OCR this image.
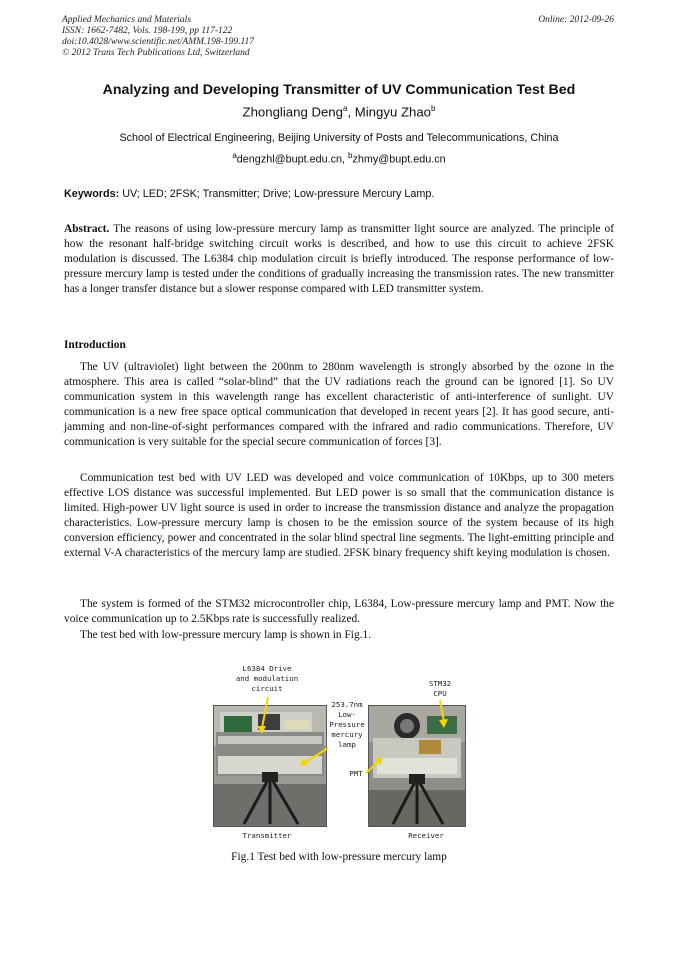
Applied Mechanics and Materials
ISSN: 1662-7482, Vols. 198-199, pp 117-122
doi:10.4028/www.scientific.net/AMM.198-199.117
© 2012 Trans Tech Publications Ltd, Switzerland
Online: 2012-09-26
Analyzing and Developing Transmitter of UV Communication Test Bed
Zhongliang Deng$^a$, Mingyu Zhao$^b$
School of Electrical Engineering, Beijing University of Posts and Telecommunications, China
$^a$dengzhl@bupt.edu.cn, $^b$zhmy@bupt.edu.cn
Keywords: UV; LED; 2FSK; Transmitter; Drive; Low-pressure Mercury Lamp.
Abstract. The reasons of using low-pressure mercury lamp as transmitter light source are analyzed. The principle of how the resonant half-bridge switching circuit works is described, and how to use this circuit to achieve 2FSK modulation is discussed. The L6384 chip modulation circuit is briefly introduced. The response performance of low-pressure mercury lamp is tested under the conditions of gradually increasing the transmission rates. The new transmitter has a longer transfer distance but a slower response compared with LED transmitter system.
Introduction
The UV (ultraviolet) light between the 200nm to 280nm wavelength is strongly absorbed by the ozone in the atmosphere. This area is called “solar-blind” that the UV radiations reach the ground can be ignored [1]. So UV communication system in this wavelength range has excellent characteristic of anti-interference of sunlight. UV communication is a new free space optical communication that developed in recent years [2]. It has good secure, anti-jamming and non-line-of-sight performances compared with the infrared and radio communications. Therefore, UV communication is very suitable for the special secure communication of forces [3].
Communication test bed with UV LED was developed and voice communication of 10Kbps, up to 300 meters effective LOS distance was successful implemented. But LED power is so small that the communication distance is limited. High-power UV light source is used in order to increase the transmission distance and analyze the propagation characteristics. Low-pressure mercury lamp is chosen to be the emission source of the system because of its high conversion efficiency, power and concentrated in the solar blind spectral line segments. The light-emitting principle and external V-A characteristics of the mercury lamp are studied. 2FSK binary frequency shift keying modulation is chosen.
The system is formed of the STM32 microcontroller chip, L6384, Low-pressure mercury lamp and PMT. Now the voice communication up to 2.5Kbps rate is successfully realized.
The test bed with low-pressure mercury lamp is shown in Fig.1.
L6384 Drive
and modulation
circuit
STM32
CPU
253.7nm
Low-
Pressure
mercury
lamp
PMT
Transmitter	Receiver
Fig.1 Test bed with low-pressure mercury lamp
